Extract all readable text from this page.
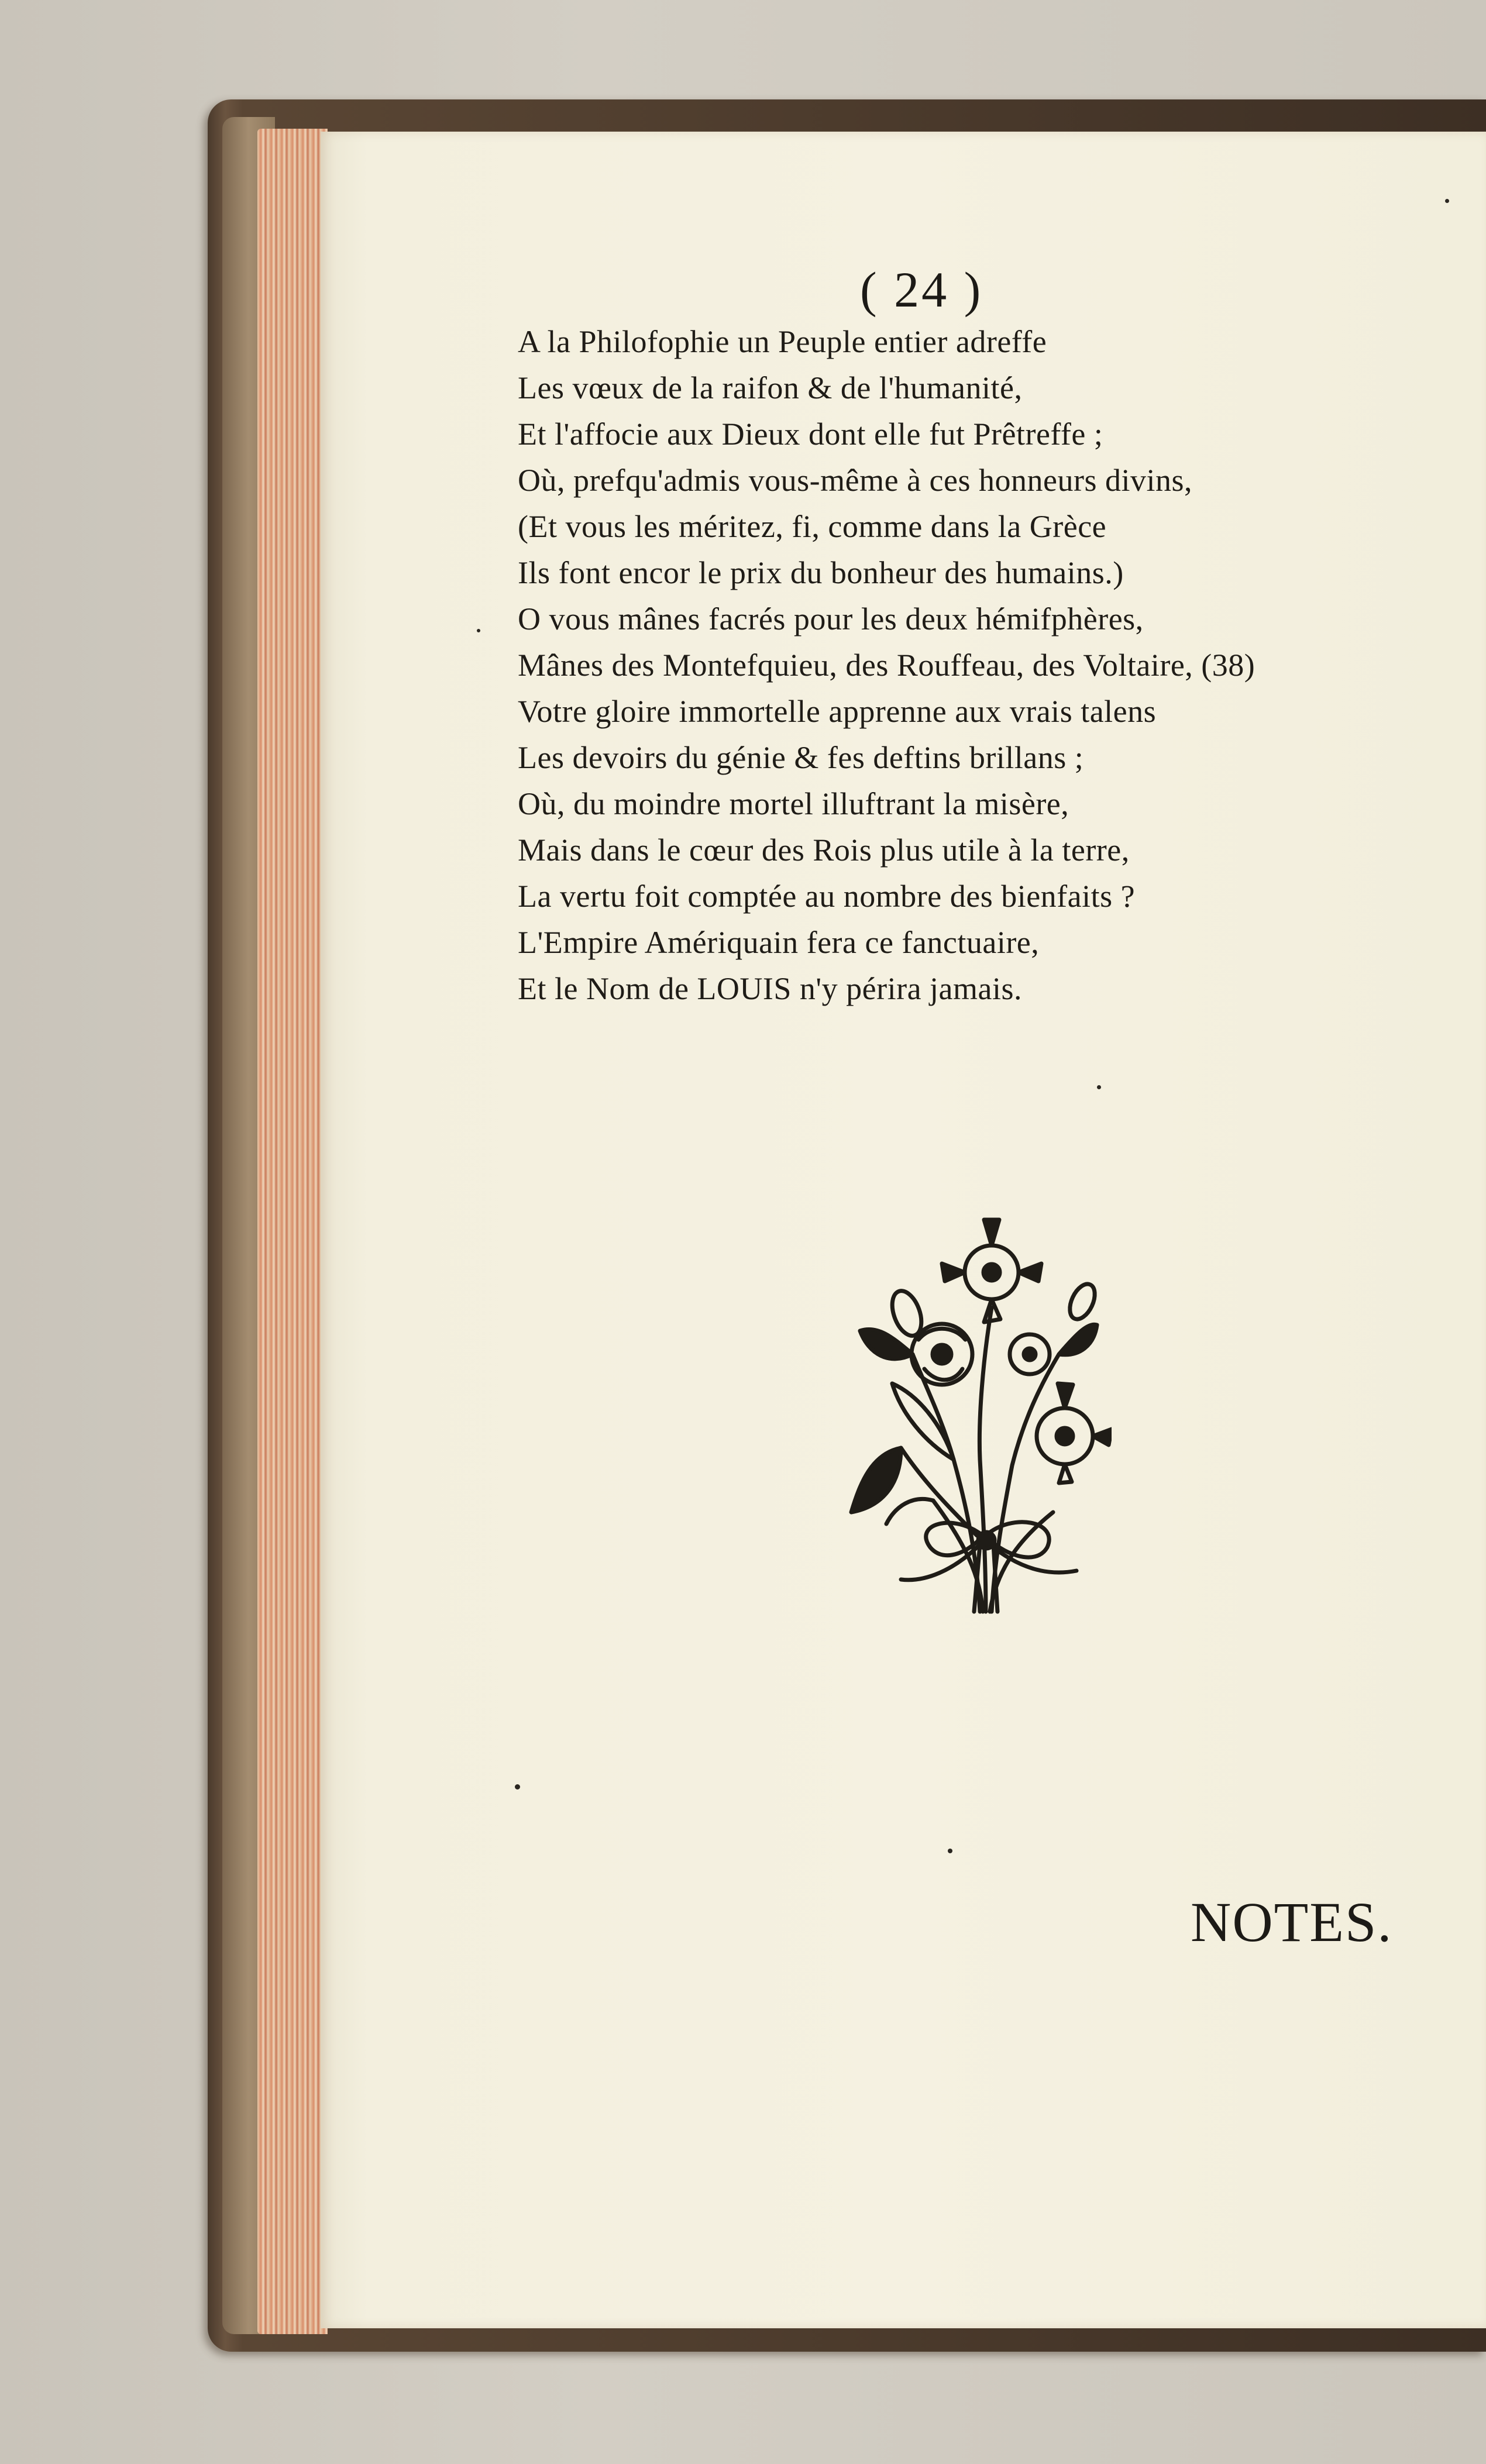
( 24 )
A la Philofophie un Peuple entier adreffe
Les vœux de la raifon & de l'humanité,
Et l'affocie aux Dieux dont elle fut Prêtreffe ;
Où, prefqu'admis vous-même à ces honneurs divins,
(Et vous les méritez, fi, comme dans la Grèce
Ils font encor le prix du bonheur des humains.)
O vous mânes facrés pour les deux hémifphères,
Mânes des Montefquieu, des Rouffeau, des Voltaire, (38)
Votre gloire immortelle apprenne aux vrais talens
Les devoirs du génie & fes deftins brillans ;
Où, du moindre mortel illuftrant la misère,
Mais dans le cœur des Rois plus utile à la terre,
La vertu foit comptée au nombre des bienfaits ?
L'Empire Amériquain fera ce fanctuaire,
Et le Nom de LOUIS n'y périra jamais.
NOTES.
